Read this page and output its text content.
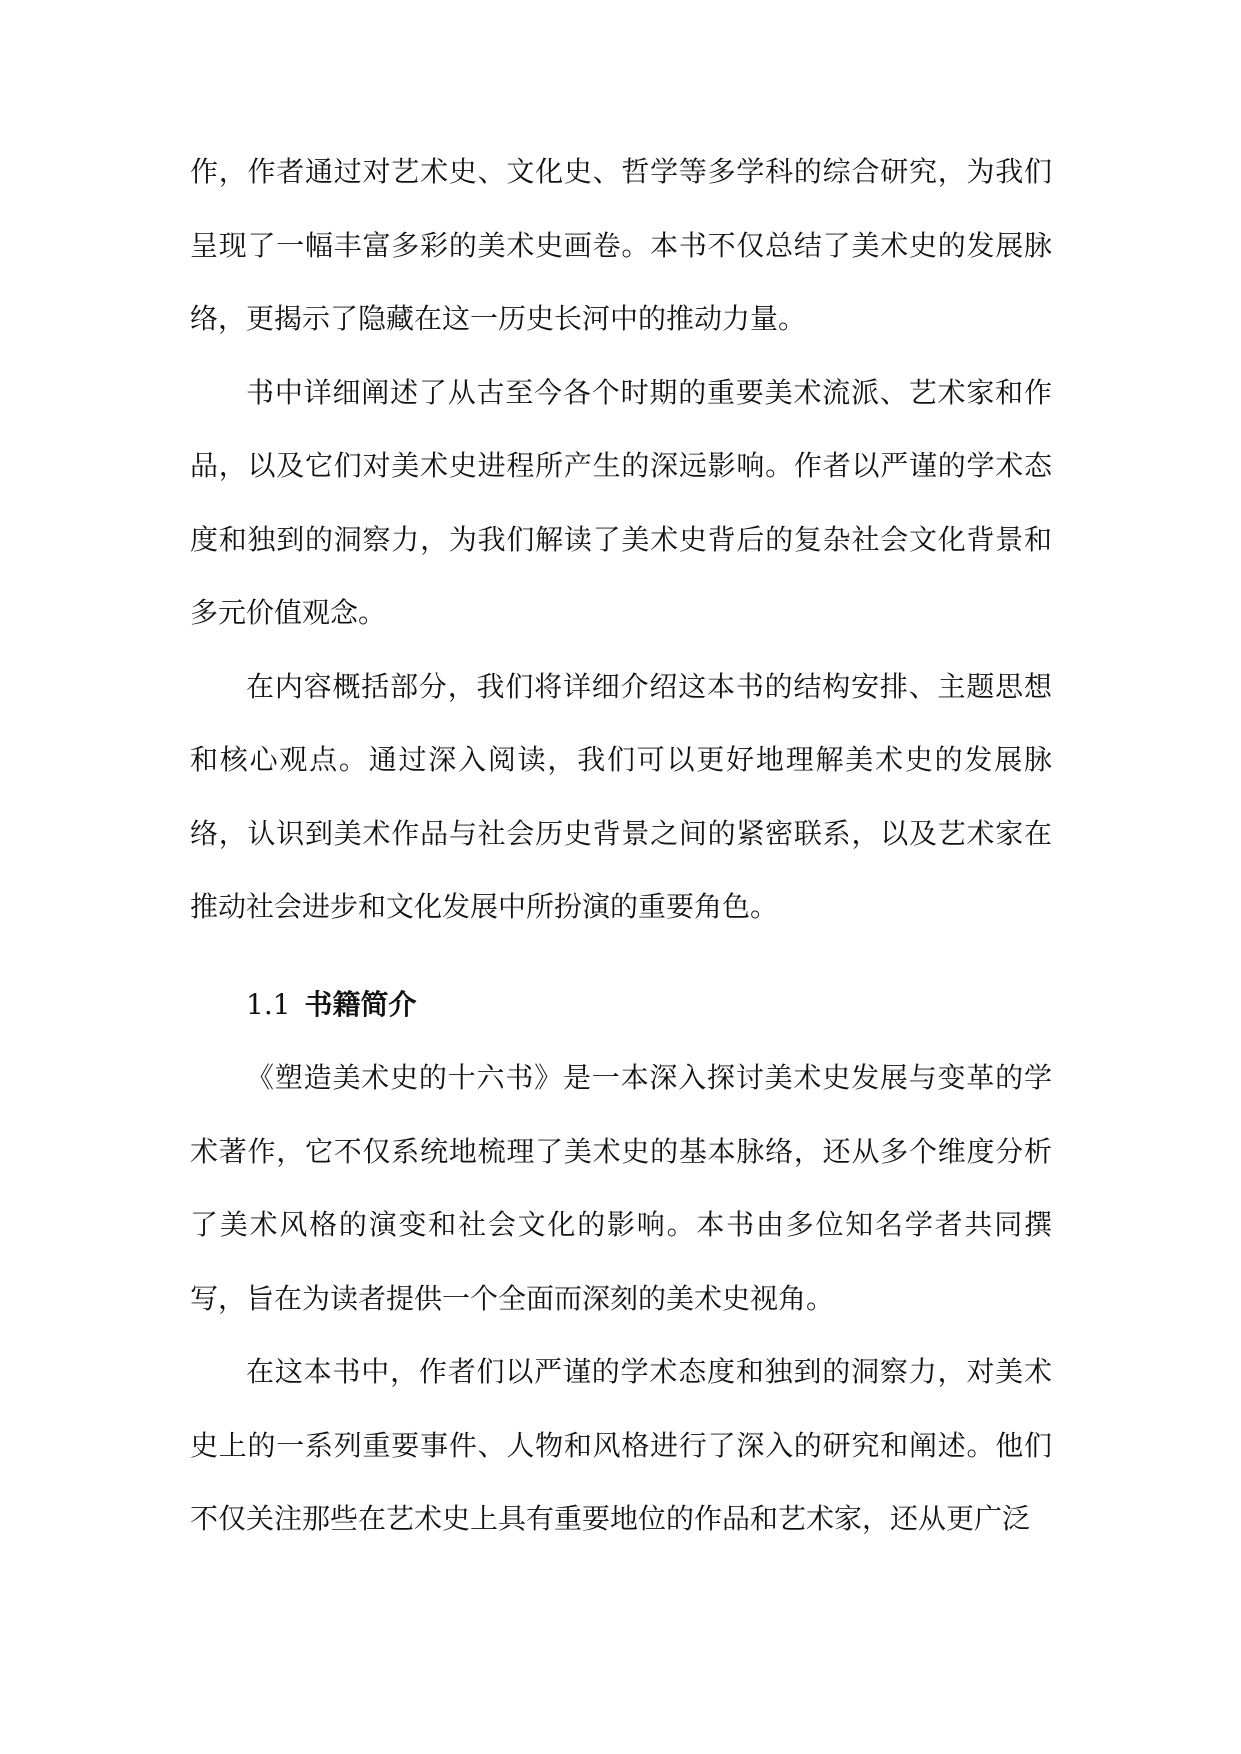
作，作者通过对艺术史、文化史、哲学等多学科的综合研究，为我们呈现了一幅丰富多彩的美术史画卷。本书不仅总结了美术史的发展脉络，更揭示了隐藏在这一历史长河中的推动力量。

书中详细阐述了从古至今各个时期的重要美术流派、艺术家和作品，以及它们对美术史进程所产生的深远影响。作者以严谨的学术态度和独到的洞察力，为我们解读了美术史背后的复杂社会文化背景和多元价值观念。

在内容概括部分，我们将详细介绍这本书的结构安排、主题思想和核心观点。通过深入阅读，我们可以更好地理解美术史的发展脉络，认识到美术作品与社会历史背景之间的紧密联系，以及艺术家在推动社会进步和文化发展中所扮演的重要角色。

1.1 书籍简介

《塑造美术史的十六书》是一本深入探讨美术史发展与变革的学术著作，它不仅系统地梳理了美术史的基本脉络，还从多个维度分析了美术风格的演变和社会文化的影响。本书由多位知名学者共同撰写，旨在为读者提供一个全面而深刻的美术史视角。

在这本书中，作者们以严谨的学术态度和独到的洞察力，对美术史上的一系列重要事件、人物和风格进行了深入的研究和阐述。他们不仅关注那些在艺术史上具有重要地位的作品和艺术家，还从更广泛
